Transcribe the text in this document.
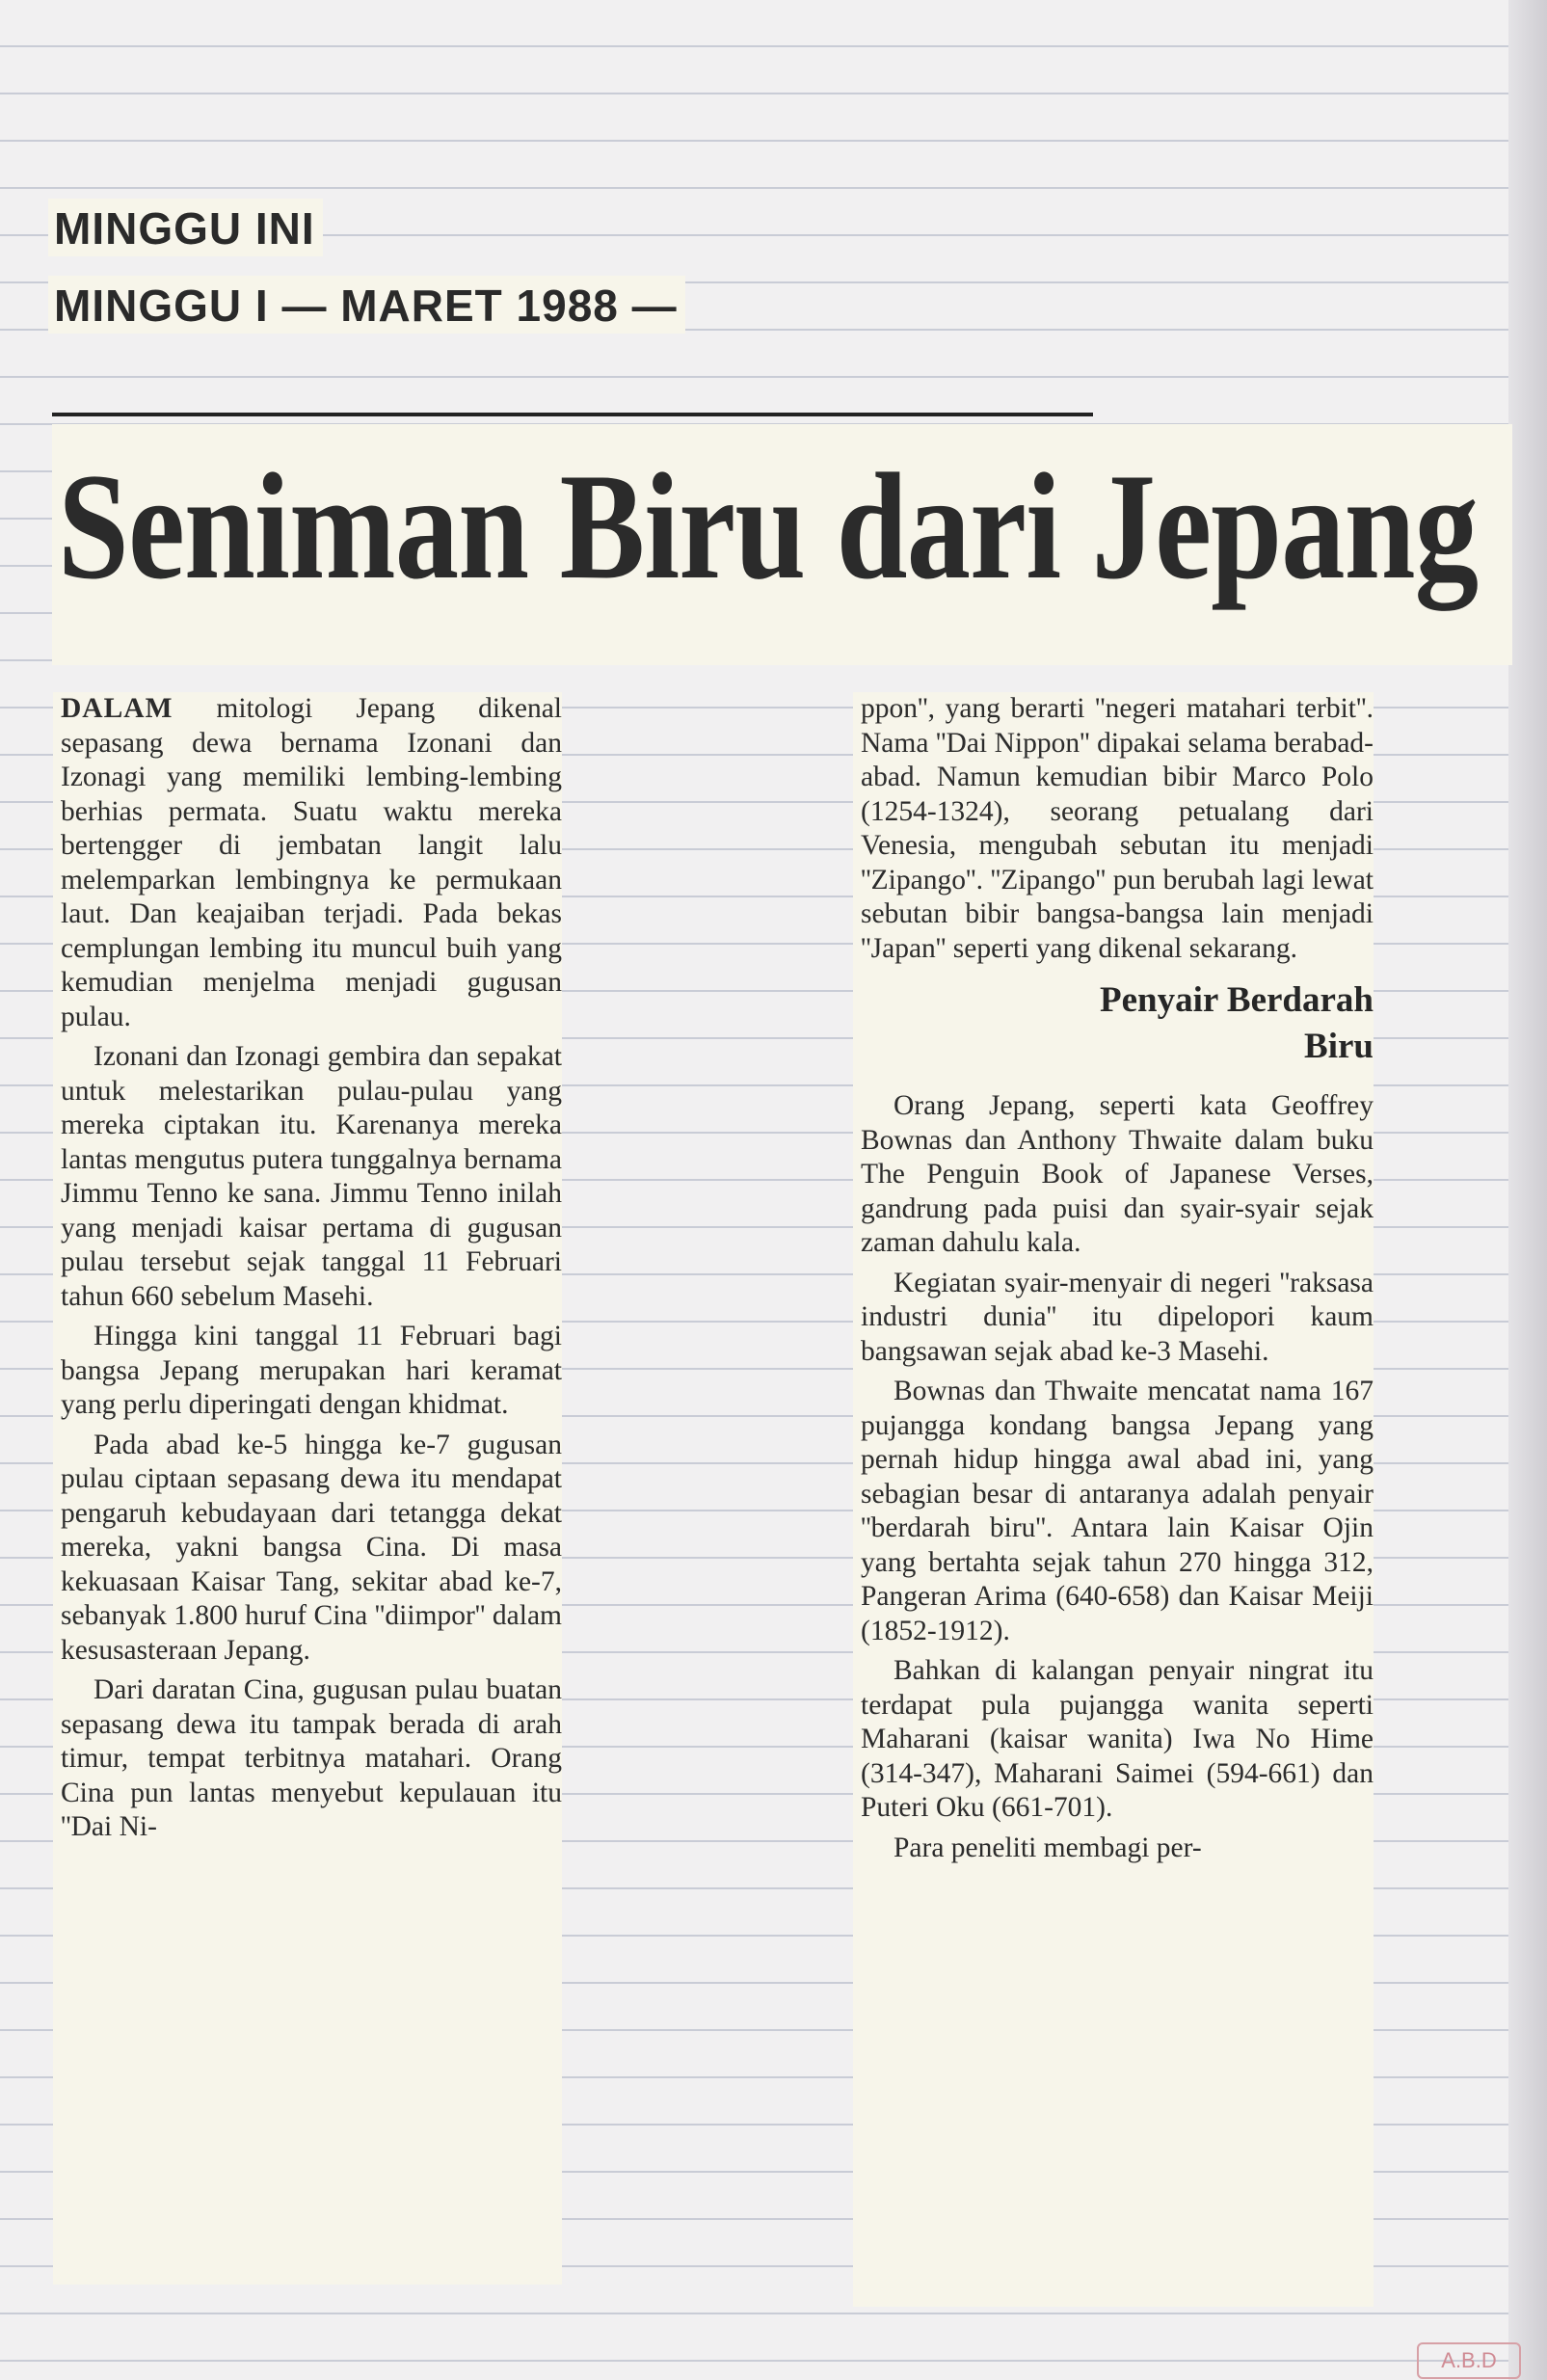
MINGGU INI
MINGGU I — MARET 1988 —
Seniman Biru dari Jepang

DALAM mitologi Jepang dikenal sepasang dewa bernama Izonani dan Izonagi yang memiliki lembing-lembing berhias permata. Suatu waktu mereka bertengger di jembatan langit lalu melemparkan lembingnya ke permukaan laut. Dan keajaiban terjadi. Pada bekas cemplungan lembing itu muncul buih yang kemudian menjelma menjadi gugusan pulau.

Izonani dan Izonagi gembira dan sepakat untuk melestarikan pulau-pulau yang mereka ciptakan itu. Karenanya mereka lantas mengutus putera tunggalnya bernama Jimmu Tenno ke sana. Jimmu Tenno inilah yang menjadi kaisar pertama di gugusan pulau tersebut sejak tanggal 11 Februari tahun 660 sebelum Masehi.

Hingga kini tanggal 11 Februari bagi bangsa Jepang merupakan hari keramat yang perlu diperingati dengan khidmat.

Pada abad ke-5 hingga ke-7 gugusan pulau ciptaan sepasang dewa itu mendapat pengaruh kebudayaan dari tetangga dekat mereka, yakni bangsa Cina. Di masa kekuasaan Kaisar Tang, sekitar abad ke-7, sebanyak 1.800 huruf Cina ''diimpor'' dalam kesusasteraan Jepang.

Dari daratan Cina, gugusan pulau buatan sepasang dewa itu tampak berada di arah timur, tempat terbitnya matahari. Orang Cina pun lantas menyebut kepulauan itu ''Dai Ni-

ppon'', yang berarti ''negeri matahari terbit''. Nama ''Dai Nippon'' dipakai selama berabad-abad. Namun kemudian bibir Marco Polo (1254-1324), seorang petualang dari Venesia, mengubah sebutan itu menjadi ''Zipango''. ''Zipango'' pun berubah lagi lewat sebutan bibir bangsa-bangsa lain menjadi ''Japan'' seperti yang dikenal sekarang.

Penyair Berdarah
Biru

Orang Jepang, seperti kata Geoffrey Bownas dan Anthony Thwaite dalam buku The Penguin Book of Japanese Verses, gandrung pada puisi dan syair-syair sejak zaman dahulu kala.

Kegiatan syair-menyair di negeri ''raksasa industri dunia'' itu dipelopori kaum bangsawan sejak abad ke-3 Masehi.

Bownas dan Thwaite mencatat nama 167 pujangga kondang bangsa Jepang yang pernah hidup hingga awal abad ini, yang sebagian besar di antaranya adalah penyair ''berdarah biru''. Antara lain Kaisar Ojin yang bertahta sejak tahun 270 hingga 312, Pangeran Arima (640-658) dan Kaisar Meiji (1852-1912).

Bahkan di kalangan penyair ningrat itu terdapat pula pujangga wanita seperti Maharani (kaisar wanita) Iwa No Hime (314-347), Maharani Saimei (594-661) dan Puteri Oku (661-701).

Para peneliti membagi per-

A.B.D
